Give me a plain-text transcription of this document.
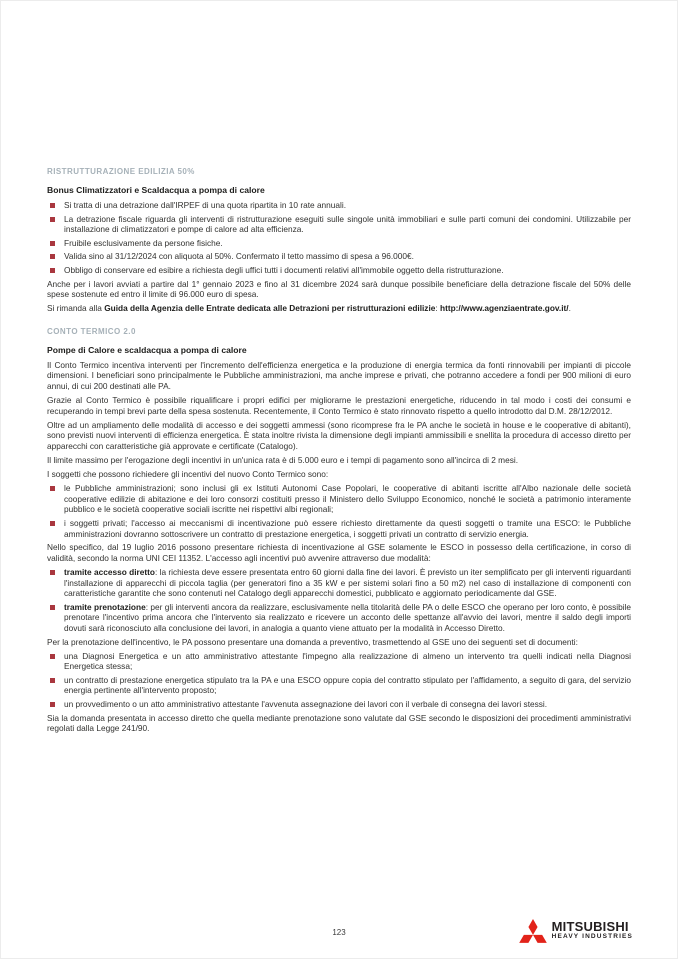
RISTRUTTURAZIONE EDILIZIA 50%
Bonus Climatizzatori e Scaldacqua a pompa di calore
Si tratta di una detrazione dall'IRPEF di una quota ripartita in 10 rate annuali.
La detrazione fiscale riguarda gli interventi di ristrutturazione eseguiti sulle singole unità immobiliari e sulle parti comuni dei condomini. Utilizzabile per installazione di climatizzatori e pompe di calore ad alta efficienza.
Fruibile esclusivamente da persone fisiche.
Valida sino al 31/12/2024 con aliquota al 50%. Confermato il tetto massimo di spesa a 96.000€.
Obbligo di conservare ed esibire a richiesta degli uffici tutti i documenti relativi all'immobile oggetto della ristrutturazione.

Anche per i lavori avviati a partire dal 1° gennaio 2023 e fino al 31 dicembre 2024 sarà dunque possibile beneficiare della detrazione fiscale del 50% delle spese sostenute ed entro il limite di 96.000 euro di spesa.

Si rimanda alla Guida della Agenzia delle Entrate dedicata alle Detrazioni per ristrutturazioni edilizie: http://www.agenziaentrate.gov.it/.

CONTO TERMICO 2.0
Pompe di Calore e scaldacqua a pompa di calore

Il Conto Termico incentiva interventi per l'incremento dell'efficienza energetica e la produzione di energia termica da fonti rinnovabili per impianti di piccole dimensioni. I beneficiari sono principalmente le Pubbliche amministrazioni, ma anche imprese e privati, che potranno accedere a fondi per 900 milioni di euro annui, di cui 200 destinati alle PA.

Grazie al Conto Termico è possibile riqualificare i propri edifici per migliorarne le prestazioni energetiche, riducendo in tal modo i costi dei consumi e recuperando in tempi brevi parte della spesa sostenuta. Recentemente, il Conto Termico è stato rinnovato rispetto a quello introdotto dal D.M. 28/12/2012.

Oltre ad un ampliamento delle modalità di accesso e dei soggetti ammessi (sono ricomprese fra le PA anche le società in house e le cooperative di abitanti), sono previsti nuovi interventi di efficienza energetica. È stata inoltre rivista la dimensione degli impianti ammissibili e snellita la procedura di accesso diretto per apparecchi con caratteristiche già approvate e certificate (Catalogo).

Il limite massimo per l'erogazione degli incentivi in un'unica rata è di 5.000 euro e i tempi di pagamento sono all'incirca di 2 mesi.

I soggetti che possono richiedere gli incentivi del nuovo Conto Termico sono:

le Pubbliche amministrazioni; sono inclusi gli ex Istituti Autonomi Case Popolari, le cooperative di abitanti iscritte all'Albo nazionale delle società cooperative edilizie di abitazione e dei loro consorzi costituiti presso il Ministero dello Sviluppo Economico, nonché le società a patrimonio interamente pubblico e le società cooperative sociali iscritte nei rispettivi albi regionali;
i soggetti privati; l'accesso ai meccanismi di incentivazione può essere richiesto direttamente da questi soggetti o tramite una ESCO: le Pubbliche amministrazioni dovranno sottoscrivere un contratto di prestazione energetica, i soggetti privati un contratto di servizio energia.

Nello specifico, dal 19 luglio 2016 possono presentare richiesta di incentivazione al GSE solamente le ESCO in possesso della certificazione, in corso di validità, secondo la norma UNI CEI 11352. L'accesso agli incentivi può avvenire attraverso due modalità:

tramite accesso diretto: la richiesta deve essere presentata entro 60 giorni dalla fine dei lavori. È previsto un iter semplificato per gli interventi riguardanti l'installazione di apparecchi di piccola taglia (per generatori fino a 35 kW e per sistemi solari fino a 50 m2) nel caso di installazione di componenti con caratteristiche garantite che sono contenuti nel Catalogo degli apparecchi domestici, pubblicato e aggiornato periodicamente dal GSE.
tramite prenotazione: per gli interventi ancora da realizzare, esclusivamente nella titolarità delle PA o delle ESCO che operano per loro conto, è possibile prenotare l'incentivo prima ancora che l'intervento sia realizzato e ricevere un acconto delle spettanze all'avvio dei lavori, mentre il saldo degli importi dovuti sarà riconosciuto alla conclusione dei lavori, in analogia a quanto viene attuato per la modalità in Accesso Diretto.

Per la prenotazione dell'incentivo, le PA possono presentare una domanda a preventivo, trasmettendo al GSE uno dei seguenti set di documenti:

una Diagnosi Energetica e un atto amministrativo attestante l'impegno alla realizzazione di almeno un intervento tra quelli indicati nella Diagnosi Energetica stessa;
un contratto di prestazione energetica stipulato tra la PA e una ESCO oppure copia del contratto stipulato per l'affidamento, a seguito di gara, del servizio energia pertinente all'intervento proposto;
un provvedimento o un atto amministrativo attestante l'avvenuta assegnazione dei lavori con il verbale di consegna dei lavori stessi.

Sia la domanda presentata in accesso diretto che quella mediante prenotazione sono valutate dal GSE secondo le disposizioni dei procedimenti amministrativi regolati dalla Legge 241/90.

123	MITSUBISHI
HEAVY INDUSTRIES
